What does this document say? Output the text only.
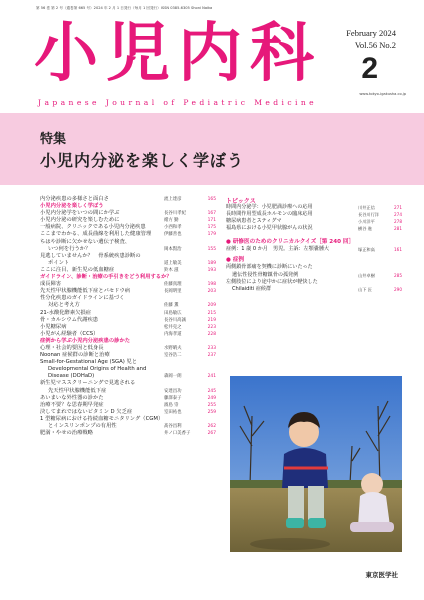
第 56 巻 第 2 号（通巻第 665 号）2024 年 2 月 1 日発行（毎月 1 回発行）ISSN 0385-6305 Shoni Naika
小児内科
Japanese Journal of Pediatric Medicine
February 2024
Vol.56 No.2
2
www.tokyo-igakusha.co.jp
特集
小児内分泌を楽しく学ぼう
内分泌疾患の多様さと面白さ	流上達彦	165
小児内分泌を楽しく学ぼう
小児内分泌学をいつの間にか学ぶ	長谷川孝紀	167
小児内分泌の研究を楽しむために	緒方 勤	171
一般病院、クリニックである小児内分泌疾患	小西和孝	175
ここまでわかる、成長曲線を利用した健康管理	伊藤善也	179
ちはや診断に欠かせない遺伝子検査、
いつ何を行うか？	岡本賢治	155
見逃していませんか？　骨系統疾患診断の
ポイント	道上敏美	189
ここに注目、新生児の低血糖症	鈴木 滋	193
ガイドライン、診断・治療の手引きをどう利用するか？
成長障害	佐藤真理	198
先天性甲状腺機能低下症とバセドウ病	長岡明里	203
性分化疾患のガイドラインに基づく
対応と考え方	佐藤 薫	209
21-水酸化酵素欠損症	田島敏広	215
骨・カルシウム代謝疾患	長谷川高誠	219
小児糖尿病	松井克之	223
小児がん経験者（CCS）	内海孝道	228
症例から学ぶ小児内分泌疾患の診かた
心理・社会的要因と低身長	水野晴夫	233
Noonan 症候群の診断と治療	室谷浩二	237
Small-for-Gestational Age (SGA) 児と
Developmental Origins of Health and
Disease (DOHaD)	森岡一朗	241
新生児マススクリーニングで見逃される
先天性甲状腺機能低下症	安達昌功	245
あいまいな外性器の診かた	藤澤泰子	249
治療不要？な思春期早発症	濱島 崇	255
決してまれではないビタミン D 欠乏症	室田祐也	259
1 型糖尿病における持続血糖モニタリング（CGM）
とインスリンポンプの有用性	髙谷昌利	262
肥満・やせの治療戦略	井ノ口美香子	267
トピックス
時間内分泌学：小児肥満診療への応用	川井正信	271
長時間作用型成長ホルモンの臨床応用	長谷川行洋	274
糖尿病患者とスティグマ	小川洋平	278
福島県における小児甲状腺がんの状況	横谷 進	281
● 研修医のためのクリニカルクイズ［第 240 回］
症例：1 歳 0 か月　男児。主訴：左顎嚢腫大	塚正和高	161
● 症例
両側鎖骨部痛を契機に診断にいたった
遺伝性侵性骨糖鎮骨の孤発例	山井卓樹	285
左側肢位により途中かに症状が軽快した
Chilaiditi 症候群	山下 匠	290
東京医学社
